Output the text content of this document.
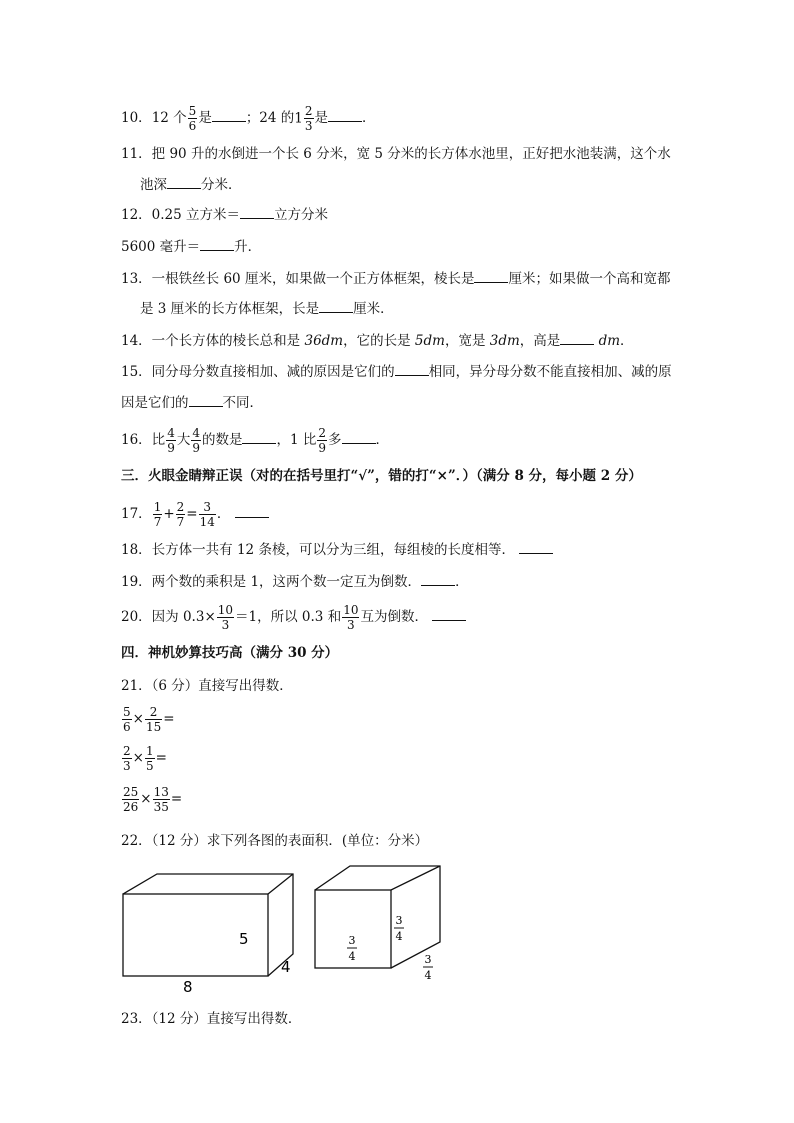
10．12 个 $\frac{5}{6}$ 是	；24 的$1 \frac{2}{3}$ 是	．
11．把 90 升的水倒进一个长 6 分米，宽 5 分米的长方体水池里，正好把水池装满，这个水
池深	分米．
12．0.25 立方米＝	立方分米
5600 毫升＝	升．
13．一根铁丝长 60 厘米，如果做一个正方体框架，棱长是	厘米；如果做一个高和宽都
是 3 厘米的长方体框架，长是	厘米．
14．一个长方体的棱长总和是 36dm，它的长是 5dm，宽是 3dm，高是	dm．
15．同分母分数直接相加、减的原因是它们的	相同，异分母分数不能直接相加、减的原
因是它们的	不同．
16．比 $\frac{4}{9}$ 大 $\frac{4}{9}$ 的数是	，1 比 $\frac{2}{9}$ 多	．
三．火眼金睛辩正误（对的在括号里打“√”，错的打“×”．）（满分 8 分，每小题 2 分）
17． $\frac{1}{7} + \frac{2}{7} = \frac{3}{14}$ ．
18．长方体一共有 12 条棱，可以分为三组，每组棱的长度相等．
19．两个数的乘积是 1，这两个数一定互为倒数．	．
20．因为 $0.3\times \frac{10}{3} =1$，所以 0.3 和 $\frac{10}{3}$ 互为倒数．
四．神机妙算技巧高（满分 30 分）
21．（6 分）直接写出得数．
$\frac{5}{6} \times \frac{2}{15}$ =
$\frac{2}{3} \times \frac{1}{5}$ =
$\frac{25}{26} \times \frac{13}{35}$ =
22．（12 分）求下列各图的表面积．(单位：分米）
5
4
8
3
4
3
4
3
4
23．（12 分）直接写出得数．
